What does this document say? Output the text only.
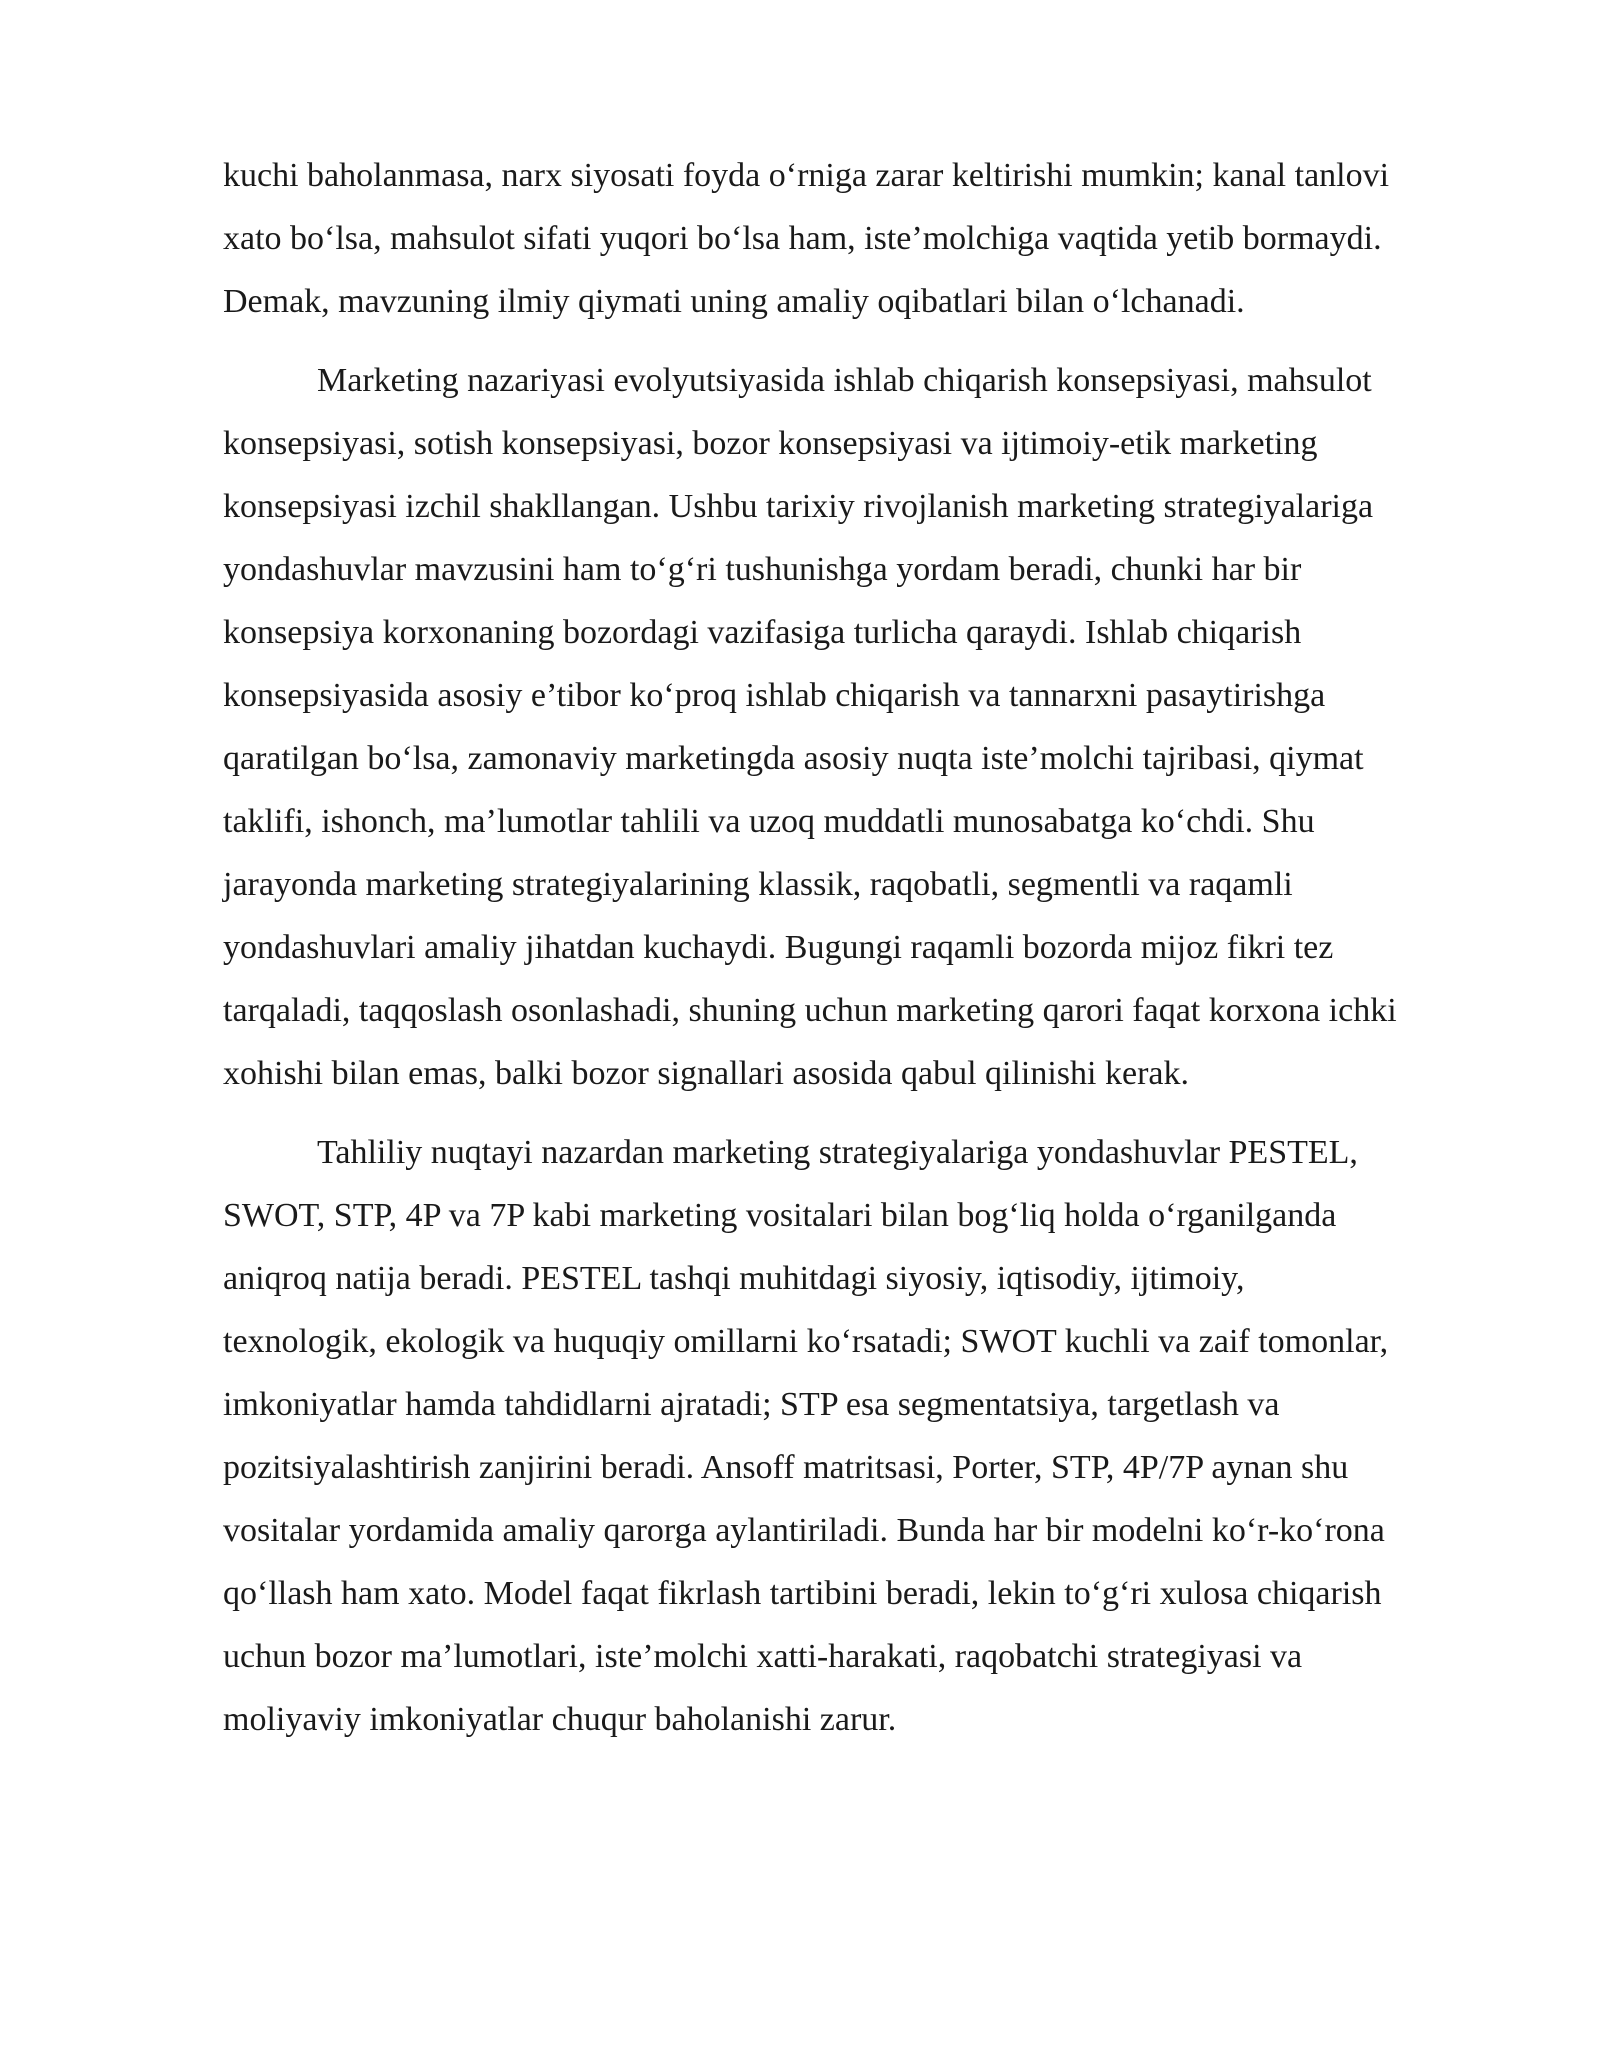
kuchi baholanmasa, narx siyosati foyda o‘rniga zarar keltirishi mumkin; kanal tanlovi
xato bo‘lsa, mahsulot sifati yuqori bo‘lsa ham, iste’molchiga vaqtida yetib bormaydi.
Demak, mavzuning ilmiy qiymati uning amaliy oqibatlari bilan o‘lchanadi.

Marketing nazariyasi evolyutsiyasida ishlab chiqarish konsepsiyasi, mahsulot
konsepsiyasi, sotish konsepsiyasi, bozor konsepsiyasi va ijtimoiy-etik marketing
konsepsiyasi izchil shakllangan. Ushbu tarixiy rivojlanish marketing strategiyalariga
yondashuvlar mavzusini ham to‘g‘ri tushunishga yordam beradi, chunki har bir
konsepsiya korxonaning bozordagi vazifasiga turlicha qaraydi. Ishlab chiqarish
konsepsiyasida asosiy e’tibor ko‘proq ishlab chiqarish va tannarxni pasaytirishga
qaratilgan bo‘lsa, zamonaviy marketingda asosiy nuqta iste’molchi tajribasi, qiymat
taklifi, ishonch, ma’lumotlar tahlili va uzoq muddatli munosabatga ko‘chdi. Shu
jarayonda marketing strategiyalarining klassik, raqobatli, segmentli va raqamli
yondashuvlari amaliy jihatdan kuchaydi. Bugungi raqamli bozorda mijoz fikri tez
tarqaladi, taqqoslash osonlashadi, shuning uchun marketing qarori faqat korxona ichki
xohishi bilan emas, balki bozor signallari asosida qabul qilinishi kerak.

Tahliliy nuqtayi nazardan marketing strategiyalariga yondashuvlar PESTEL,
SWOT, STP, 4P va 7P kabi marketing vositalari bilan bog‘liq holda o‘rganilganda
aniqroq natija beradi. PESTEL tashqi muhitdagi siyosiy, iqtisodiy, ijtimoiy,
texnologik, ekologik va huquqiy omillarni ko‘rsatadi; SWOT kuchli va zaif tomonlar,
imkoniyatlar hamda tahdidlarni ajratadi; STP esa segmentatsiya, targetlash va
pozitsiyalashtirish zanjirini beradi. Ansoff matritsasi, Porter, STP, 4P/7P aynan shu
vositalar yordamida amaliy qarorga aylantiriladi. Bunda har bir modelni ko‘r-ko‘rona
qo‘llash ham xato. Model faqat fikrlash tartibini beradi, lekin to‘g‘ri xulosa chiqarish
uchun bozor ma’lumotlari, iste’molchi xatti-harakati, raqobatchi strategiyasi va
moliyaviy imkoniyatlar chuqur baholanishi zarur.
